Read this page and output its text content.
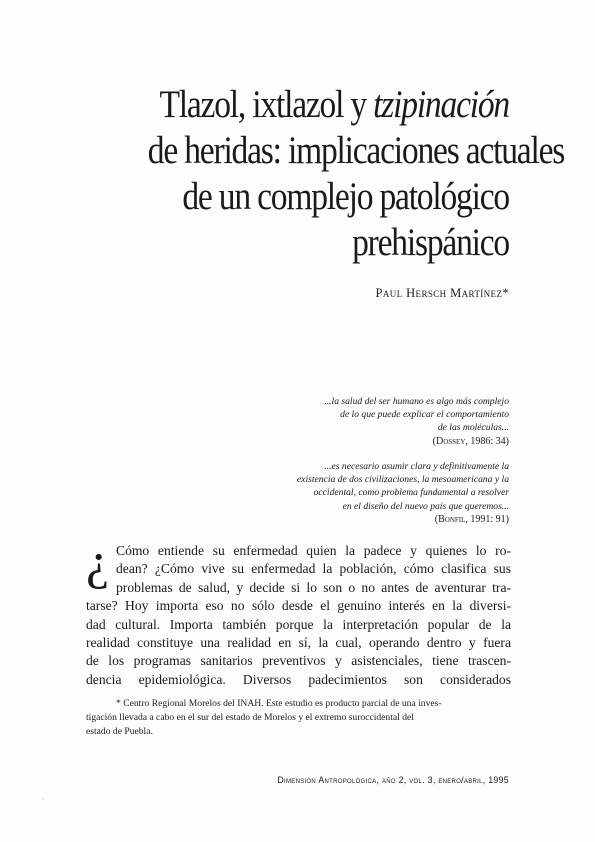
Tlazol, ixtlazol y tzipinación
de heridas: implicaciones actuales
de un complejo patológico
prehispánico
Paul Hersch Martínez*
...la salud del ser humano es algo más complejo
de lo que puede explicar el comportamiento
de las moléculas...
(Dossey, 1986: 34)
...es necesario asumir clara y definitivamente la
existencia de dos civilizaciones, la mesoamericana y la
occidental, como problema fundamental a resolver
en el diseño del nuevo país que queremos...
(Bonfil, 1991: 91)
¿ Cómo entiende su enfermedad quien la padece y quienes lo ro-
dean? ¿Cómo vive su enfermedad la población, cómo clasifica sus
problemas de salud, y decide si lo son o no antes de aventurar tra-
tarse? Hoy importa eso no sólo desde el genuino interés en la diversi-
dad cultural. Importa también porque la interpretación popular de la
realidad constituye una realidad en sí, la cual, operando dentro y fuera
de los programas sanitarios preventivos y asistenciales, tiene trascen-
dencia epidemiológica. Diversos padecimientos son considerados
* Centro Regional Morelos del INAH. Este estudio es producto parcial de una inves-
tigación llevada a cabo en el sur del estado de Morelos y el extremo suroccidental del
estado de Puebla.
Dimensión Antropológica, año 2, vol. 3, enero/abril, 1995
·
